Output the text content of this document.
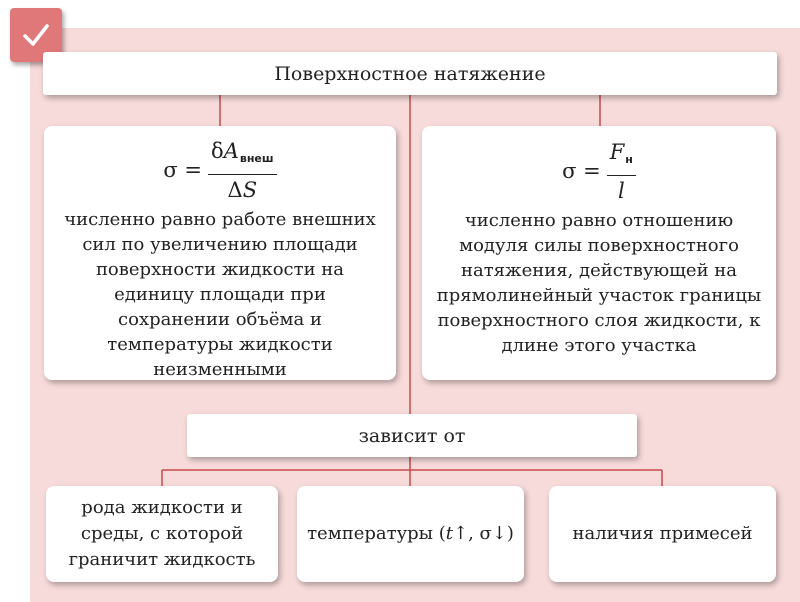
Поверхностное натяжение
$\sigma = \frac{\delta A_{внеш}}{\Delta S}$
численно равно работе внешних сил по увеличению площади поверхности жидкости на единицу площади при сохранении объёма и температуры жидкости неизменными
$\sigma = \frac{F_н}{l}$
численно равно отношению модуля силы поверхностного натяжения, действующей на прямолинейный участок границы поверхностного слоя жидкости, к длине этого участка
зависит от
рода жидкости и среды, с которой граничит жидкость
температуры ( t ↑, σ↓)	наличия примесей
